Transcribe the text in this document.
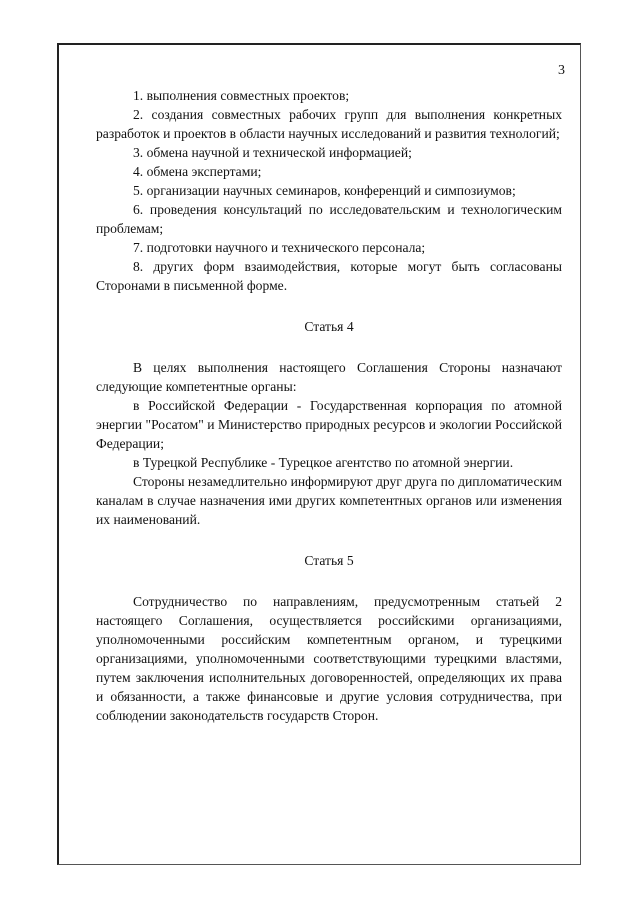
3

1. выполнения совместных проектов;

2. создания совместных рабочих групп для выполнения конкретных разработок и проектов в области научных исследований и развития технологий;

3. обмена научной и технической информацией;

4. обмена экспертами;

5. организации научных семинаров, конференций и симпозиумов;

6. проведения консультаций по исследовательским и технологическим проблемам;

7. подготовки научного и технического персонала;

8. других форм взаимодействия, которые могут быть согласованы Сторонами в письменной форме.

Статья 4

В целях выполнения настоящего Соглашения Стороны назначают следующие компетентные органы:

в Российской Федерации - Государственная корпорация по атомной энергии "Росатом" и Министерство природных ресурсов и экологии Российской Федерации;

в Турецкой Республике - Турецкое агентство по атомной энергии.

Стороны незамедлительно информируют друг друга по дипломатическим каналам в случае назначения ими других компетентных органов или изменения их наименований.

Статья 5

Сотрудничество по направлениям, предусмотренным статьей 2 настоящего Соглашения, осуществляется российскими организациями, уполномоченными российским компетентным органом, и турецкими организациями, уполномоченными соответствующими турецкими властями, путем заключения исполнительных договоренностей, определяющих их права и обязанности, а также финансовые и другие условия сотрудничества, при соблюдении законодательств государств Сторон.
